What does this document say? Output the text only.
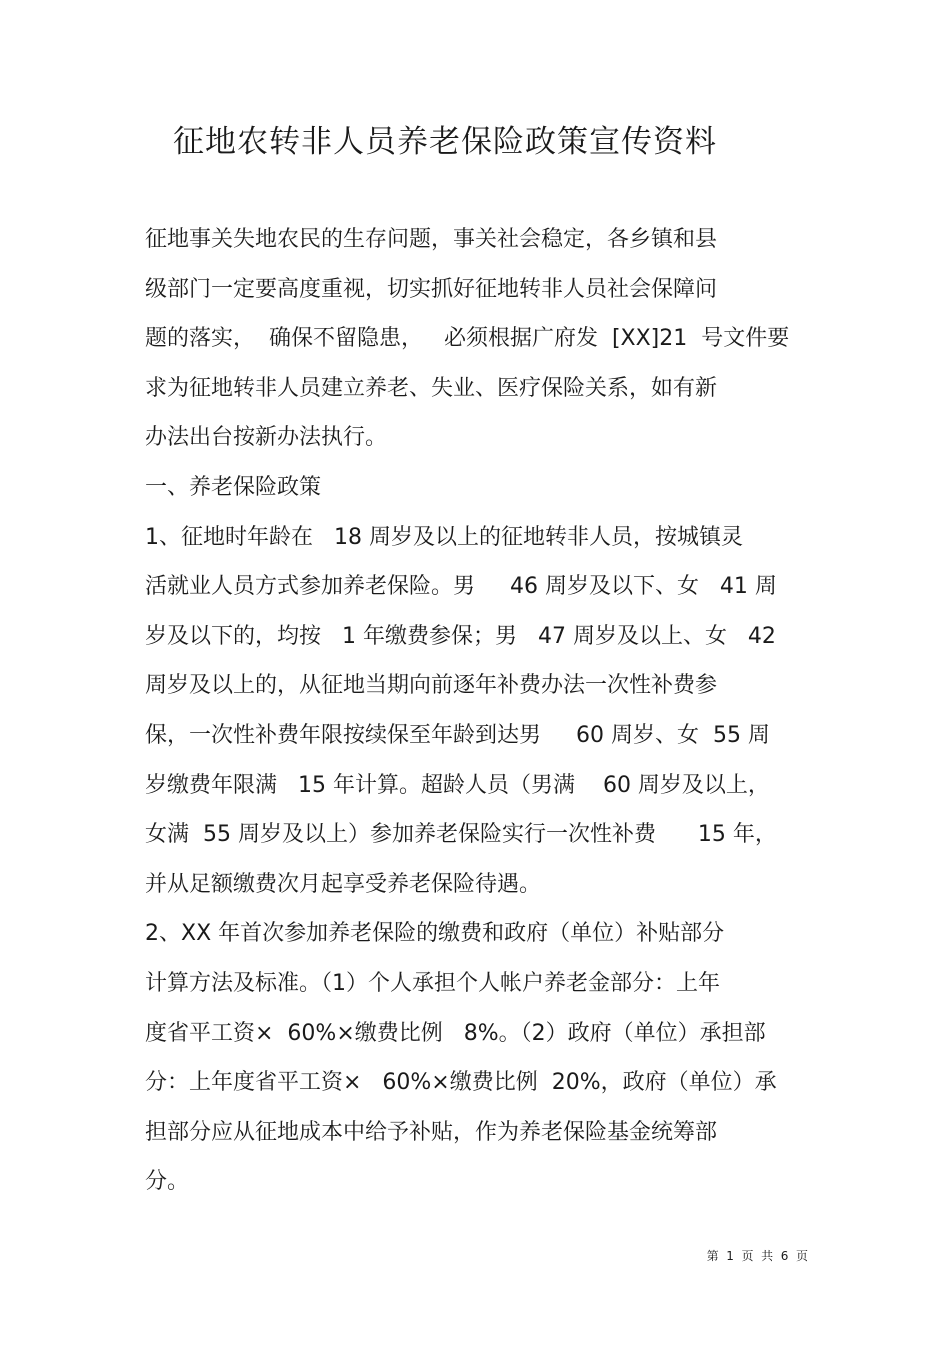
征地农转非人员养老保险政策宣传资料
征地事关失地农民的生存问题，事关社会稳定，各乡镇和县
级部门一定要高度重视，切实抓好征地转非人员社会保障问
题的落实，  确保不留隐患，   必须根据广府发  [XX]21  号文件要
求为征地转非人员建立养老、失业、医疗保险关系，如有新
办法出台按新办法执行。
一、养老保险政策
1、征地时年龄在   18 周岁及以上的征地转非人员，按城镇灵
活就业人员方式参加养老保险。男     46 周岁及以下、女   41 周
岁及以下的，均按   1 年缴费参保；男   47 周岁及以上、女   42
周岁及以上的，从征地当期向前逐年补费办法一次性补费参
保，一次性补费年限按续保至年龄到达男     60 周岁、女  55 周
岁缴费年限满   15 年计算。超龄人员（男满    60 周岁及以上，
女满  55 周岁及以上）参加养老保险实行一次性补费      15 年，
并从足额缴费次月起享受养老保险待遇。
2、XX 年首次参加养老保险的缴费和政府（单位）补贴部分
计算方法及标准。（1）个人承担个人帐户养老金部分：上年
度省平工资×  60%×缴费比例   8%。（2）政府（单位）承担部
分：上年度省平工资×   60%×缴费比例  20%，政府（单位）承
担部分应从征地成本中给予补贴，作为养老保险基金统筹部
分。
第  1  页  共  6  页
